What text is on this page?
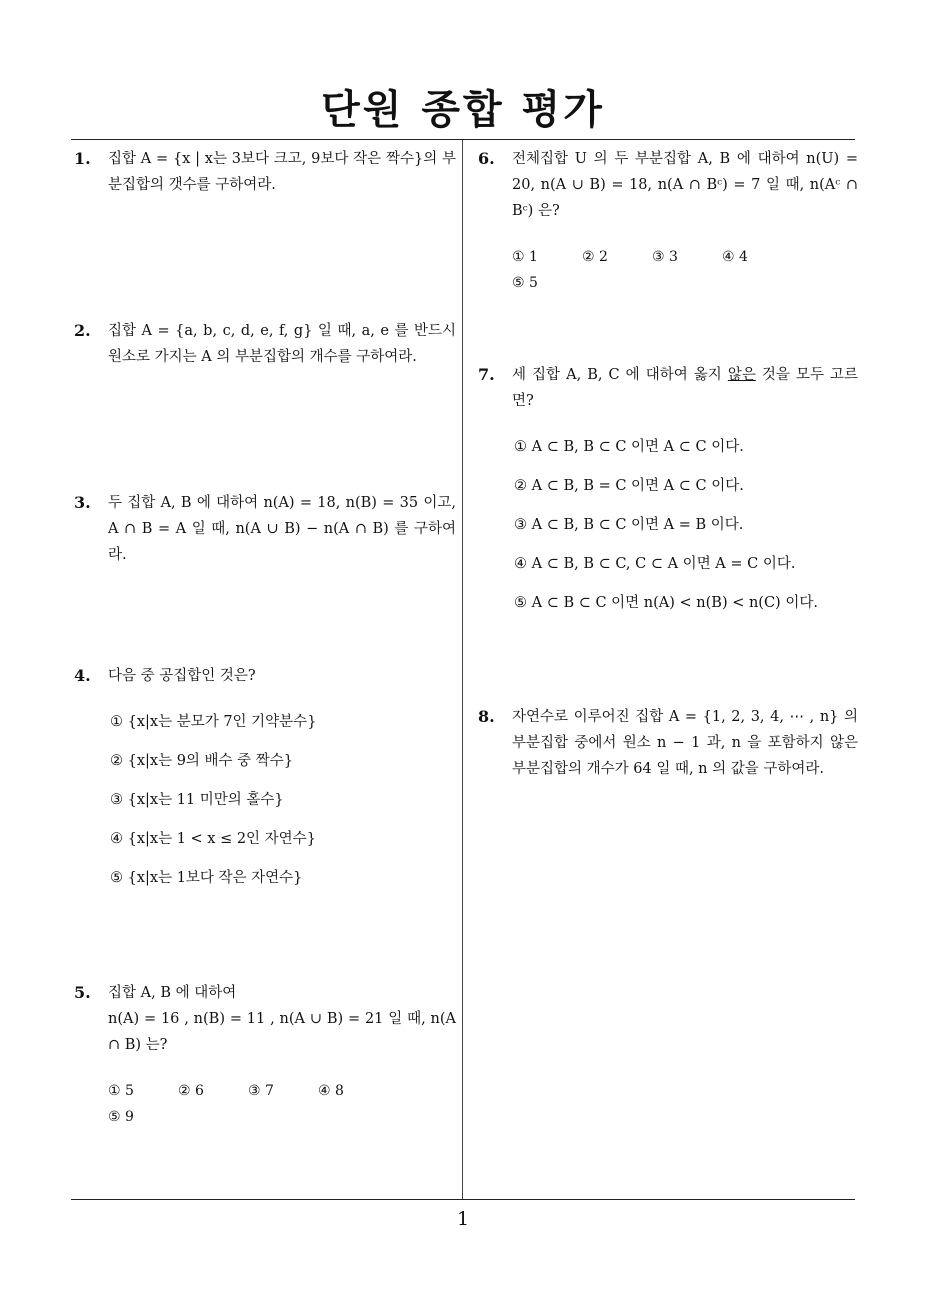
단원 종합 평가
1. 집합 A = {x | x는 3보다 크고, 9보다 작은 짝수}의 부분집합의 갯수를 구하여라.
2. 집합 A = {a, b, c, d, e, f, g} 일 때, a, e 를 반드시 원소로 가지는 A 의 부분집합의 개수를 구하여라.
3. 두 집합 A, B 에 대하여 n(A) = 18, n(B) = 35 이고, A ∩ B = A 일 때, n(A ∪ B) − n(A ∩ B) 를 구하여라.
4. 다음 중 공집합인 것은?
① {x|x는 분모가 7인 기약분수}
② {x|x는 9의 배수 중 짝수}
③ {x|x는 11 미만의 홀수}
④ {x|x는 1 < x ≤ 2인 자연수}
⑤ {x|x는 1보다 작은 자연수}
5. 집합 A, B 에 대하여
n(A) = 16 , n(B) = 11 , n(A ∪ B) = 21 일 때, n(A ∩ B) 는?
① 5	② 6	③ 7	④ 8⑤ 9
6. 전체집합 U 의 두 부분집합 A, B 에 대하여 n(U) = 20, n(A ∪ B) = 18, n(A ∩ Bᶜ) = 7 일 때, n(Aᶜ ∩ Bᶜ) 은?
① 1	② 2	③ 3	④ 4⑤ 5
7. 세 집합 A, B, C 에 대하여 옳지 않은 것을 모두 고르면?
① A ⊂ B, B ⊂ C 이면 A ⊂ C 이다.
② A ⊂ B, B = C 이면 A ⊂ C 이다.
③ A ⊂ B, B ⊂ C 이면 A = B 이다.
④ A ⊂ B, B ⊂ C, C ⊂ A 이면 A = C 이다.
⑤ A ⊂ B ⊂ C 이면 n(A) < n(B) < n(C) 이다.
8. 자연수로 이루어진 집합 A = {1, 2, 3, 4, ⋯ , n} 의 부분집합 중에서 원소 n − 1 과, n 을 포함하지 않은 부분집합의 개수가 64 일 때, n 의 값을 구하여라.
1
